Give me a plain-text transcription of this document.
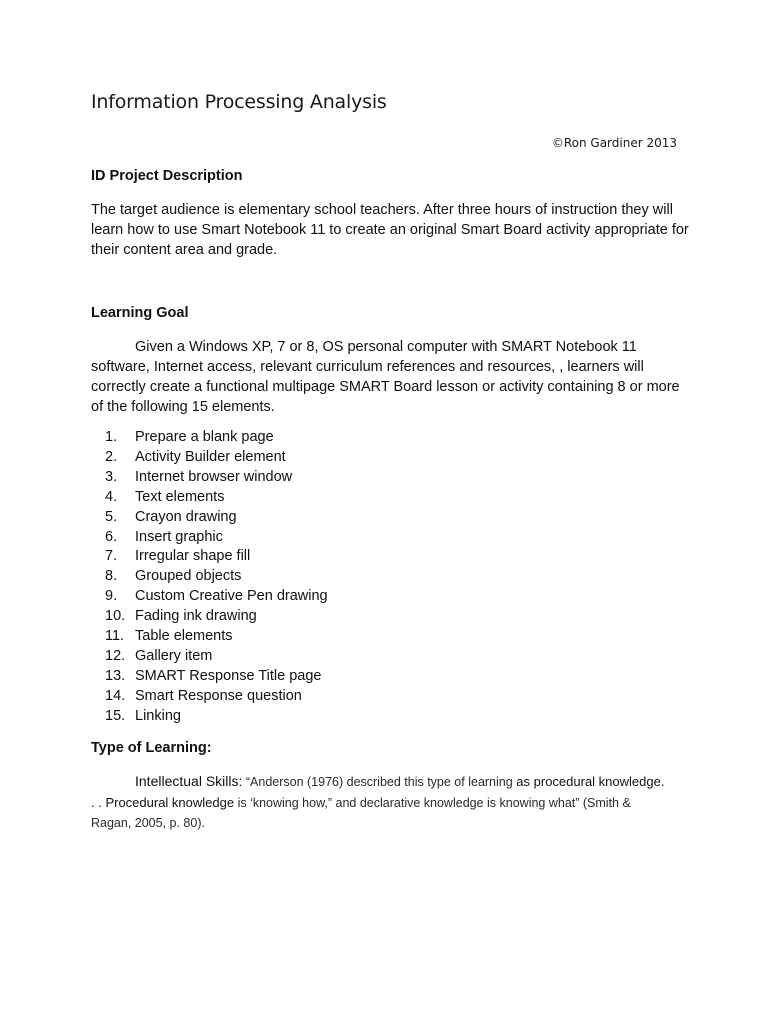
Information Processing Analysis
©Ron Gardiner 2013
ID Project Description

The target audience is elementary school teachers. After three hours of instruction they will learn how to use Smart Notebook 11 to create an original Smart Board activity appropriate for their content area and grade.

Learning Goal

Given a Windows XP, 7 or 8, OS personal computer with SMART Notebook 11 software, Internet access, relevant curriculum references and resources, , learners will correctly create a functional multipage SMART Board lesson or activity containing 8 or more of the following 15 elements.

1. Prepare a blank page
2. Activity Builder element
3. Internet browser window
4. Text elements
5. Crayon drawing
6. Insert graphic
7. Irregular shape fill
8. Grouped objects
9. Custom Creative Pen drawing
10. Fading ink drawing
11. Table elements
12. Gallery item
13. SMART Response Title page
14. Smart Response question
15. Linking
Type of Learning:

Intellectual Skills: “Anderson (1976) described this type of learning as procedural knowledge. . . Procedural knowledge is ‘knowing how,” and declarative knowledge is knowing what” (Smith & Ragan, 2005, p. 80).
